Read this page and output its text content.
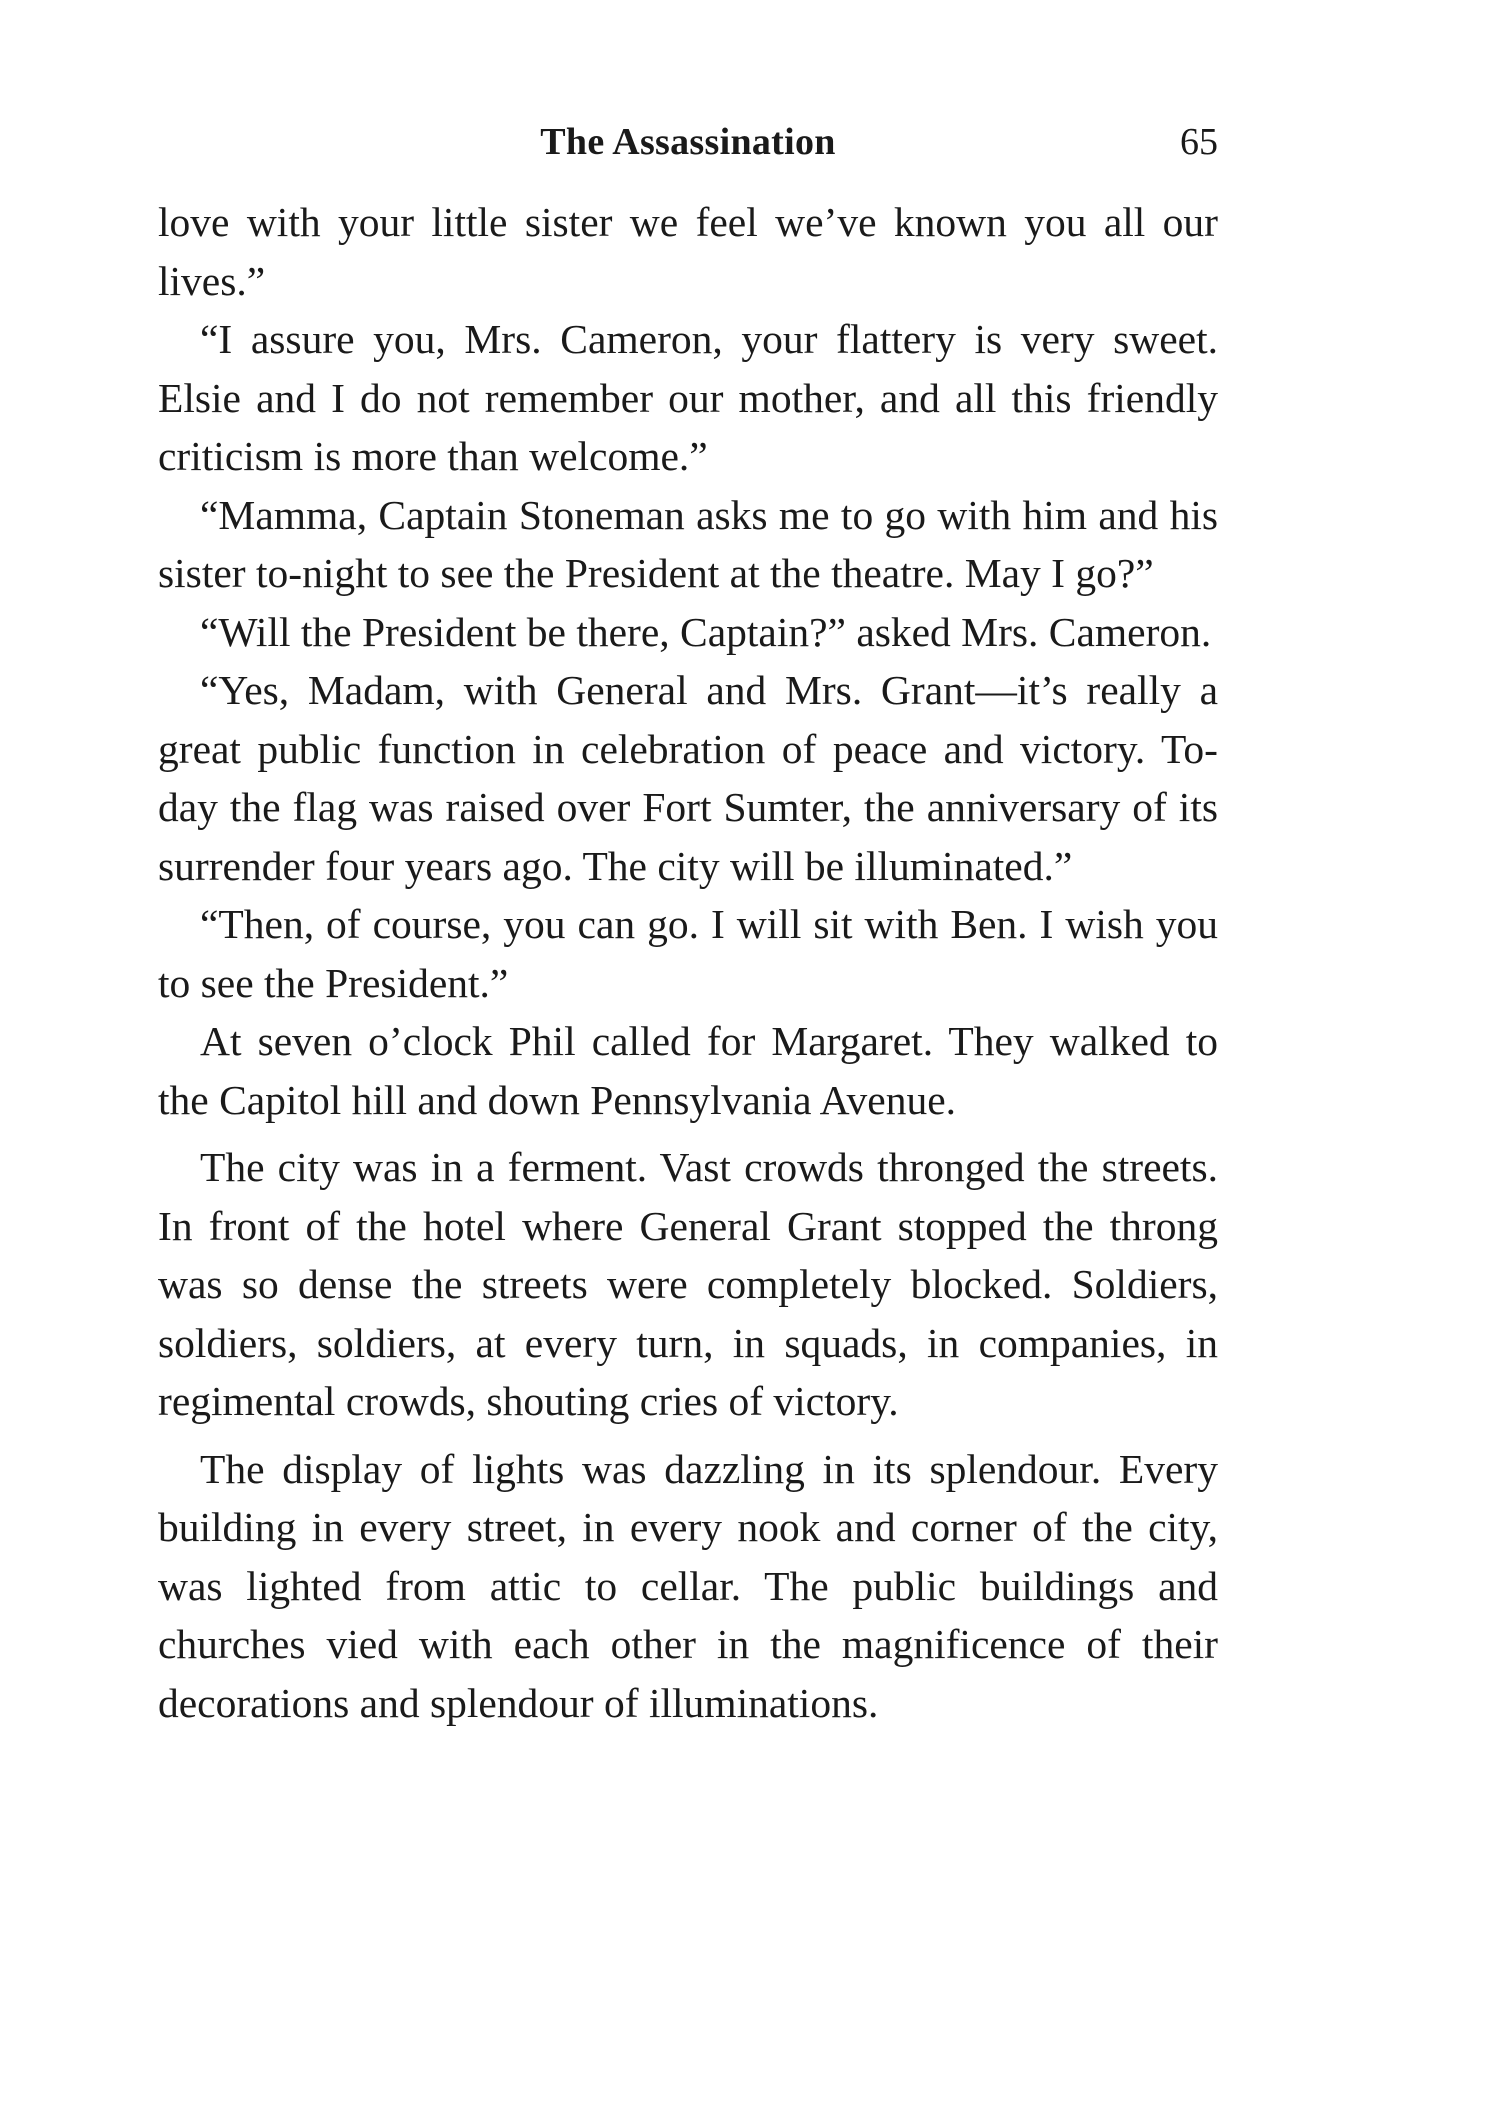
The Assassination	65

love with your little sister we feel we’ve known you all our lives.”

“I assure you, Mrs. Cameron, your flattery is very sweet. Elsie and I do not remember our mother, and all this friendly criticism is more than welcome.”

“Mamma, Captain Stoneman asks me to go with him and his sister to-night to see the President at the theatre. May I go?”

“Will the President be there, Captain?” asked Mrs. Cameron.

“Yes, Madam, with General and Mrs. Grant—it’s really a great public function in celebration of peace and victory. To-day the flag was raised over Fort Sumter, the anniversary of its surrender four years ago. The city will be illuminated.”

“Then, of course, you can go. I will sit with Ben. I wish you to see the President.”

At seven o’clock Phil called for Margaret. They walked to the Capitol hill and down Pennsylvania Avenue.

The city was in a ferment. Vast crowds thronged the streets. In front of the hotel where General Grant stopped the throng was so dense the streets were completely blocked. Soldiers, soldiers, soldiers, at every turn, in squads, in companies, in regimental crowds, shouting cries of victory.

The display of lights was dazzling in its splendour. Every building in every street, in every nook and corner of the city, was lighted from attic to cellar. The public buildings and churches vied with each other in the magnificence of their decorations and splendour of illuminations.
